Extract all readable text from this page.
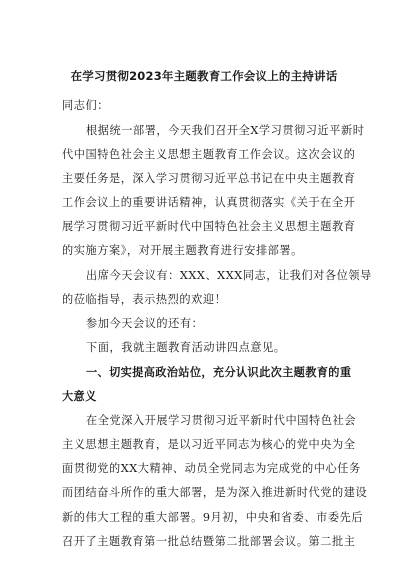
在学习贯彻2023年主题教育工作会议上的主持讲话
同志们：
根据统一部署，今天我们召开全X学习贯彻习近平新时
代中国特色社会主义思想主题教育工作会议。这次会议的
主要任务是，深入学习贯彻习近平总书记在中央主题教育
工作会议上的重要讲话精神，认真贯彻落实《关于在全开
展学习贯彻习近平新时代中国特色社会主义思想主题教育
的实施方案》，对开展主题教育进行安排部署。
出席今天会议有：XXX、XXX同志，让我们对各位领导
的莅临指导，表示热烈的欢迎！
参加今天会议的还有：
下面，我就主题教育活动讲四点意见。
一、切实提高政治站位，充分认识此次主题教育的重
大意义
在全党深入开展学习贯彻习近平新时代中国特色社会
主义思想主题教育，是以习近平同志为核心的党中央为全
面贯彻党的XX大精神、动员全党同志为完成党的中心任务
而团结奋斗所作的重大部署，是为深入推进新时代党的建设
新的伟大工程的重大部署。9月初，中央和省委、市委先后
召开了主题教育第一批总结暨第二批部署会议。第二批主
